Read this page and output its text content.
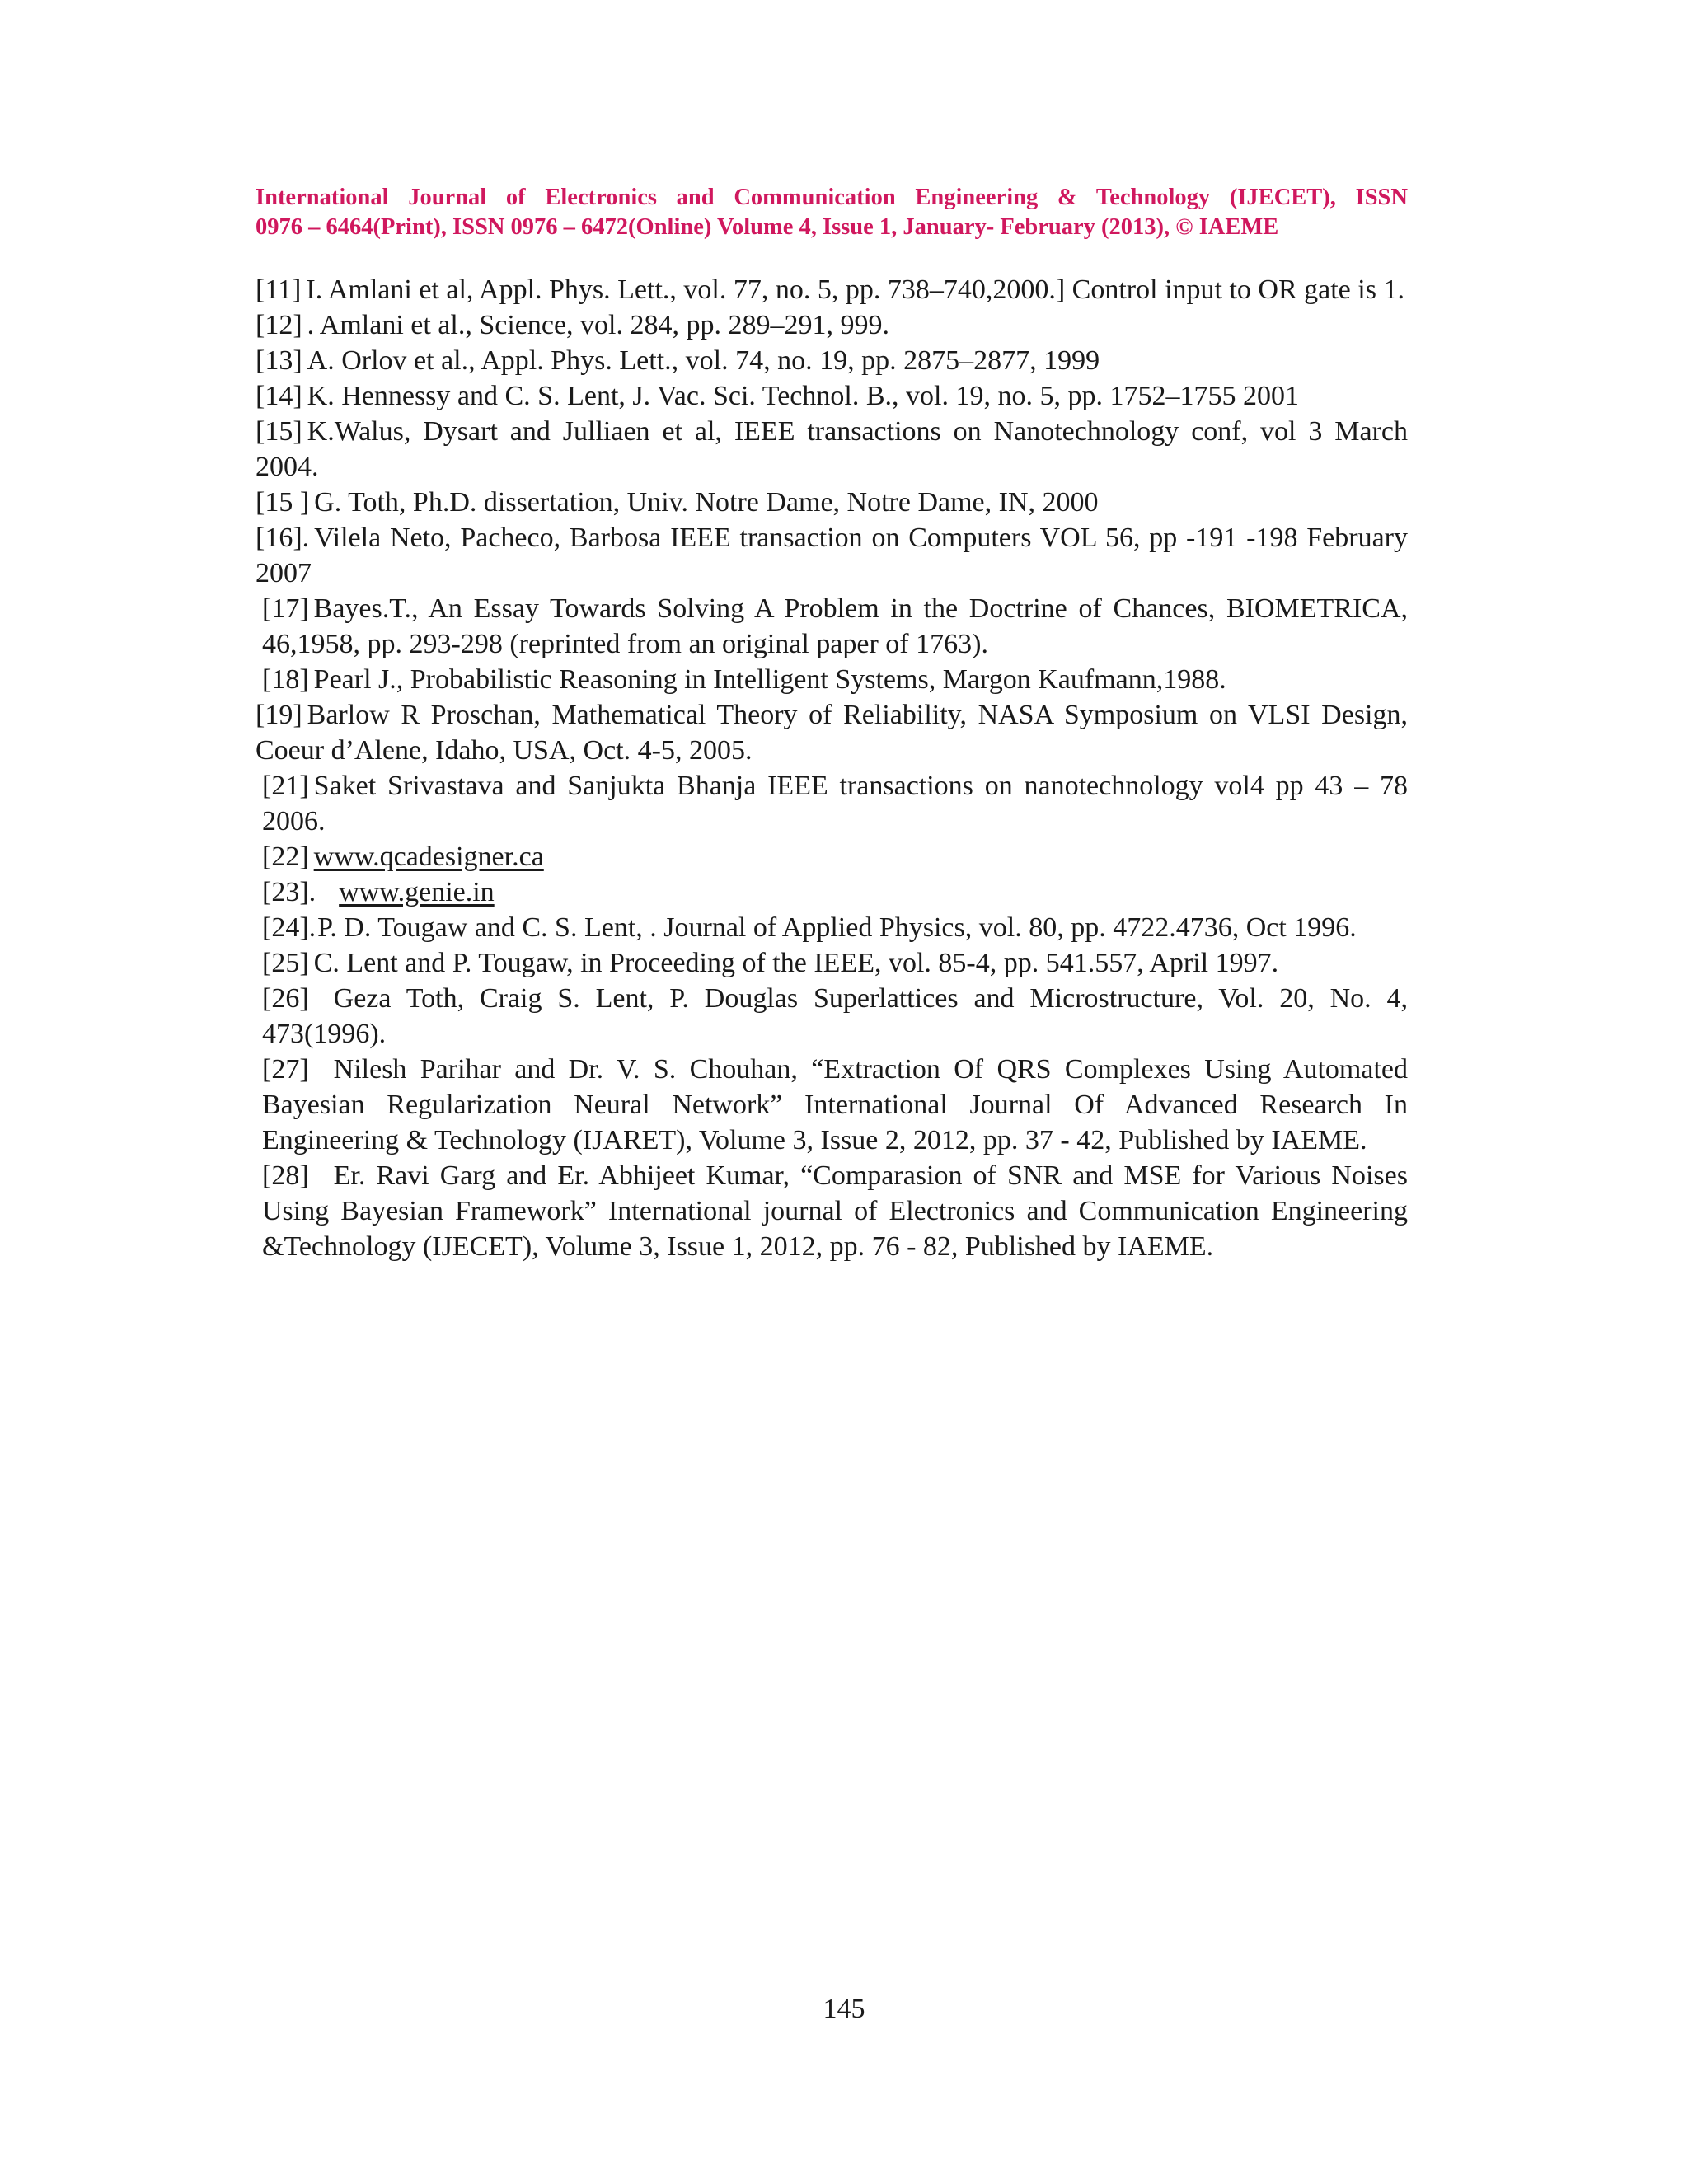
International Journal of Electronics and Communication Engineering & Technology (IJECET), ISSN
0976 – 6464(Print), ISSN 0976 – 6472(Online) Volume 4, Issue 1, January- February (2013), © IAEME
[11] I. Amlani et al, Appl. Phys. Lett., vol. 77, no. 5, pp. 738–740,2000.] Control input to OR gate is 1.
[12] . Amlani et al., Science, vol. 284, pp. 289–291, 999.
[13] A. Orlov et al., Appl. Phys. Lett., vol. 74, no. 19, pp. 2875–2877, 1999
[14] K. Hennessy and C. S. Lent, J. Vac. Sci. Technol. B., vol. 19, no. 5, pp. 1752–1755 2001
[15] K.Walus, Dysart and Julliaen et al, IEEE transactions on Nanotechnology conf, vol 3 March 2004.
[15 ] G. Toth, Ph.D. dissertation, Univ. Notre Dame, Notre Dame, IN, 2000
[16]. Vilela Neto, Pacheco, Barbosa IEEE transaction on Computers VOL 56, pp -191 -198 February 2007
[17] Bayes.T., An Essay Towards Solving A Problem in the Doctrine of Chances, BIOMETRICA, 46,1958, pp. 293-298 (reprinted from an original paper of 1763).
[18] Pearl J., Probabilistic Reasoning in Intelligent Systems, Margon Kaufmann,1988.
[19] Barlow R Proschan, Mathematical Theory of Reliability, NASA Symposium on VLSI Design, Coeur d’Alene, Idaho, USA, Oct. 4-5, 2005.
[21] Saket Srivastava and Sanjukta Bhanja IEEE transactions on nanotechnology vol4 pp 43 – 78 2006.
[22] www.qcadesigner.ca
[23]. www.genie.in
[24].P. D. Tougaw and C. S. Lent, . Journal of Applied Physics, vol. 80, pp. 4722.4736, Oct 1996.
[25] C. Lent and P. Tougaw, in Proceeding of the IEEE, vol. 85-4, pp. 541.557, April 1997.
[26] Geza Toth, Craig S. Lent, P. Douglas Superlattices and Microstructure, Vol. 20, No. 4, 473(1996).
[27] Nilesh Parihar and Dr. V. S. Chouhan, “Extraction Of QRS Complexes Using Automated Bayesian Regularization Neural Network” International Journal Of Advanced Research In Engineering & Technology (IJARET), Volume 3, Issue 2, 2012, pp. 37 - 42, Published by IAEME.
[28] Er. Ravi Garg and Er. Abhijeet Kumar, “Comparasion of SNR and MSE for Various Noises Using Bayesian Framework” International journal of Electronics and Communication Engineering &Technology (IJECET), Volume 3, Issue 1, 2012, pp. 76 - 82, Published by IAEME.
145
